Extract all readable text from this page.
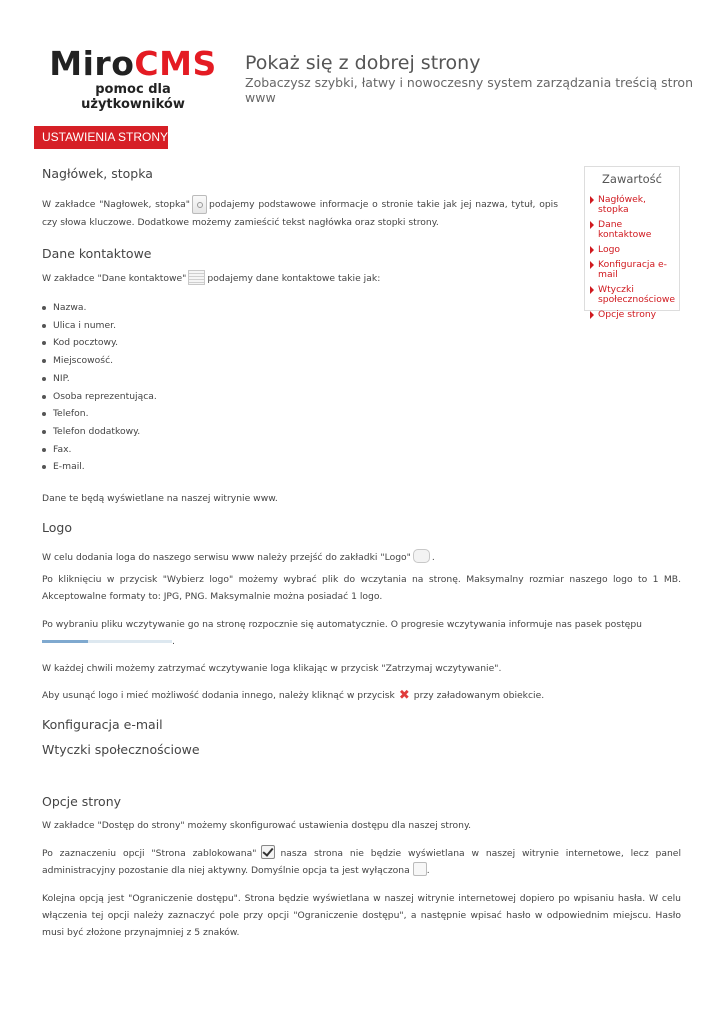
MiroCMS
pomoc dla użytkowników
Pokaż się z dobrej strony
Zobaczysz szybki, łatwy i nowoczesny system zarządzania treścią stron www
USTAWIENIA STRONY
Nagłówek, stopka

W zakładce "Nagłowek, stopka" podajemy podstawowe informacje o stronie takie jak jej nazwa, tytuł, opis czy słowa kluczowe. Dodatkowe możemy zamieścić tekst nagłówka oraz stopki strony.

Dane kontaktowe

W zakładce "Dane kontaktowe" podajemy dane kontaktowe takie jak:

Nazwa.
Ulica i numer.
Kod pocztowy.
Miejscowość.
NIP.
Osoba reprezentująca.
Telefon.
Telefon dodatkowy.
Fax.
E-mail.

Dane te będą wyświetlane na naszej witrynie www.

Logo

W celu dodania loga do naszego serwisu www należy przejść do zakładki "Logo" .

Po kliknięciu w przycisk "Wybierz logo" możemy wybrać plik do wczytania na stronę. Maksymalny rozmiar naszego logo to 1 MB. Akceptowalne formaty to: JPG, PNG. Maksymalnie można posiadać 1 logo.

Po wybraniu pliku wczytywanie go na stronę rozpocznie się automatycznie. O progresie wczytywania informuje nas pasek postępu

.

W każdej chwili możemy zatrzymać wczytywanie loga klikając w przycisk "Zatrzymaj wczytywanie".

Aby usunąć logo i mieć możliwość dodania innego, należy kliknąć w przycisk ✖ przy załadowanym obiekcie.

Konfiguracja e-mail
Wtyczki społecznościowe
Opcje strony

W zakładce "Dostęp do strony" możemy skonfigurować ustawienia dostępu dla naszej strony.

Po zaznaczeniu opcji "Strona zablokowana"	nasza strona nie będzie wyświetlana w naszej witrynie internetowe, lecz panel administracyjny pozostanie dla niej aktywny. Domyślnie opcja ta jest wyłączona .

Kolejna opcją jest "Ograniczenie dostępu". Strona będzie wyświetlana w naszej witrynie internetowej dopiero po wpisaniu hasła. W celu włączenia tej opcji należy zaznaczyć pole przy opcji "Ograniczenie dostępu", a następnie wpisać hasło w odpowiednim miejscu. Hasło musi być złożone przynajmniej z 5 znaków.

Zawartość
Nagłówek, stopka
Dane kontaktowe
Logo
Konfiguracja e-mail
Wtyczki społecznościowe
Opcje strony
